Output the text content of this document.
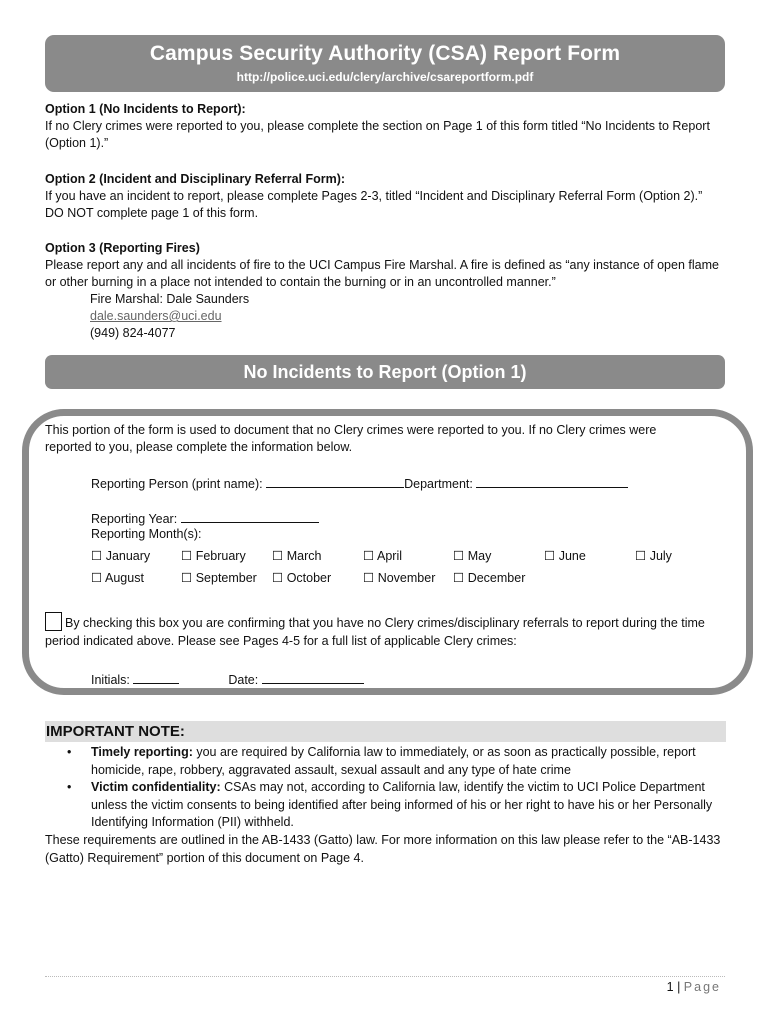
Campus Security Authority (CSA) Report Form
http://police.uci.edu/clery/archive/csareportform.pdf
Option 1 (No Incidents to Report):
If no Clery crimes were reported to you, please complete the section on Page 1 of this form titled “No Incidents to Report (Option 1).”
Option 2 (Incident and Disciplinary Referral Form):
If you have an incident to report, please complete Pages 2-3, titled “Incident and Disciplinary Referral Form (Option 2).”
DO NOT complete page 1 of this form.
Option 3 (Reporting Fires)
Please report any and all incidents of fire to the UCI Campus Fire Marshal. A fire is defined as “any instance of open flame or other burning in a place not intended to contain the burning or in an uncontrolled manner.”

Fire Marshal: Dale Saunders
dale.saunders@uci.edu
(949) 824-4077
No Incidents to Report (Option 1)
This portion of the form is used to document that no Clery crimes were reported to you. If no Clery crimes were reported to you, please complete the information below.
Reporting Person (print name):	Department:
Reporting Year:
Reporting Month(s):
☐ January ☐ February ☐ March	☐ April	☐ May	☐ June	☐ July
☐ August	☐ September ☐ October	☐ November ☐ December
By checking this box you are confirming that you have no Clery crimes/disciplinary referrals to report during the time period indicated above. Please see Pages 4-5 for a full list of applicable Clery crimes:
Initials:	Date:
IMPORTANT NOTE:
• Timely reporting: you are required by California law to immediately, or as soon as practically possible, report homicide, rape, robbery, aggravated assault, sexual assault and any type of hate crime
• Victim confidentiality: CSAs may not, according to California law, identify the victim to UCI Police Department unless the victim consents to being identified after being informed of his or her right to have his or her Personally Identifying Information (PII) withheld.
These requirements are outlined in the AB-1433 (Gatto) law. For more information on this law please refer to the “AB-1433 (Gatto) Requirement” portion of this document on Page 4.
1 | Page
